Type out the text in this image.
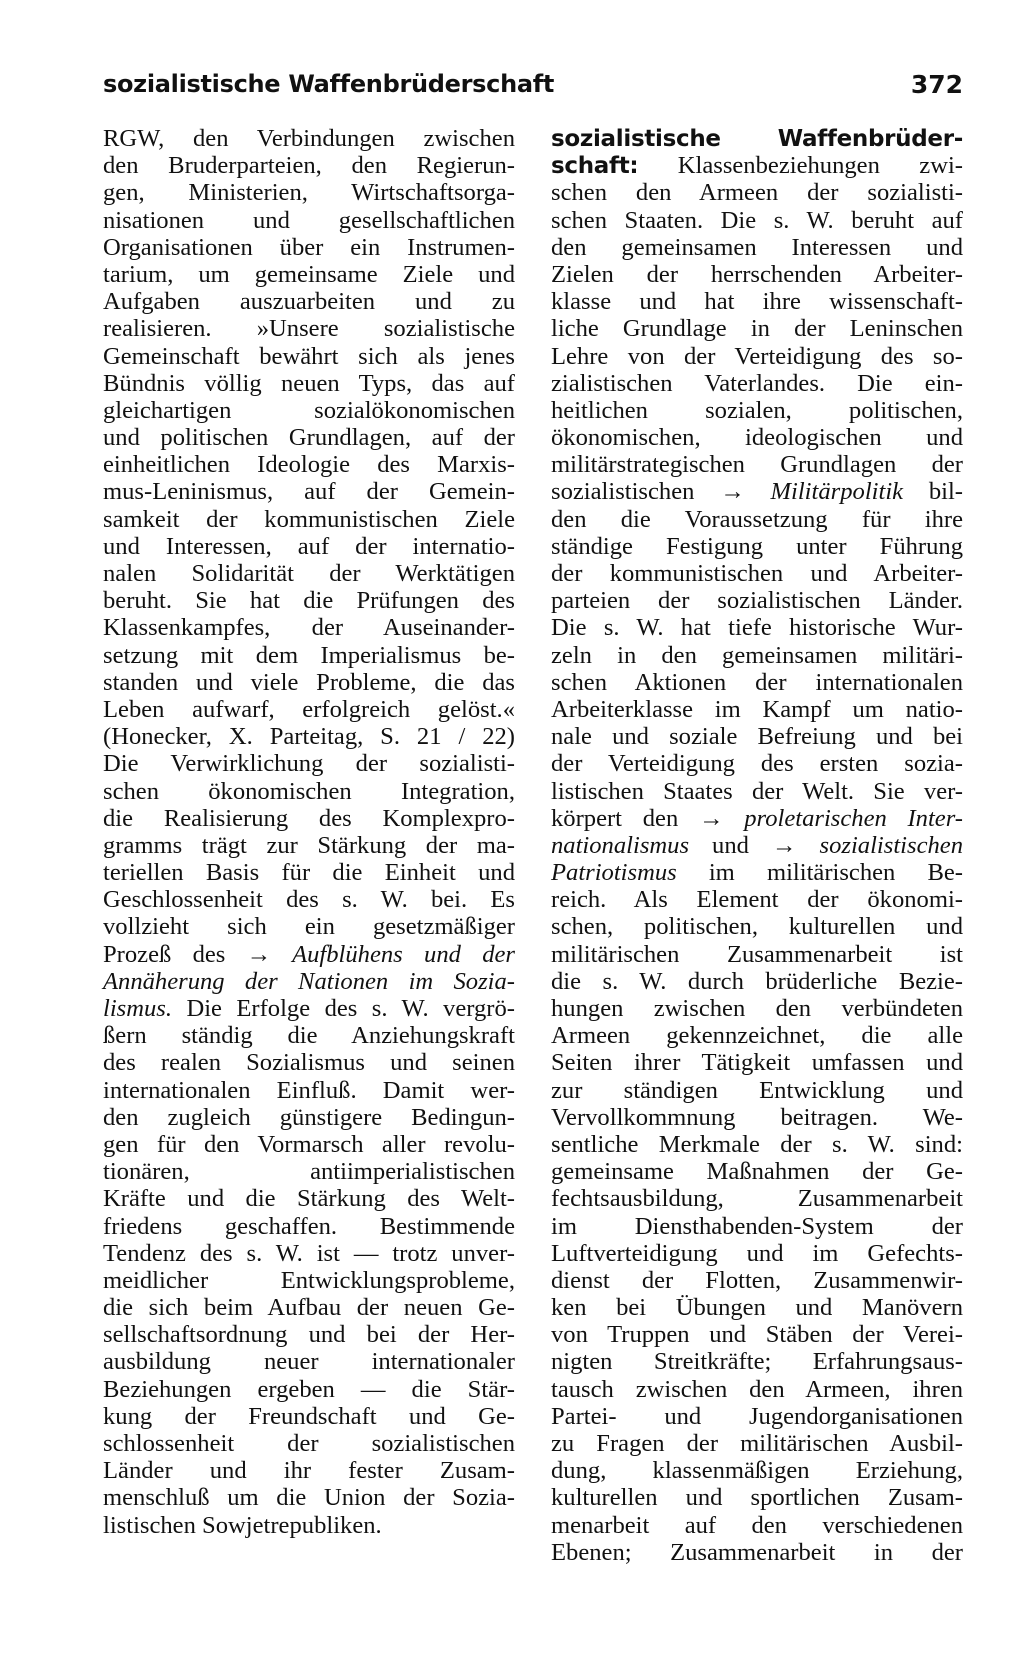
sozialistische Waffenbrüderschaft	372
RGW, den Verbindungen zwischen
den Bruderparteien, den Regierun-
gen, Ministerien, Wirtschaftsorga-
nisationen und gesellschaftlichen
Organisationen über ein Instrumen-
tarium, um gemeinsame Ziele und
Aufgaben auszuarbeiten und zu
realisieren. »Unsere sozialistische
Gemeinschaft bewährt sich als jenes
Bündnis völlig neuen Typs, das auf
gleichartigen sozialökonomischen
und politischen Grundlagen, auf der
einheitlichen Ideologie des Marxis-
mus-Leninismus, auf der Gemein-
samkeit der kommunistischen Ziele
und Interessen, auf der internatio-
nalen Solidarität der Werktätigen
beruht. Sie hat die Prüfungen des
Klassenkampfes, der Auseinander-
setzung mit dem Imperialismus be-
standen und viele Probleme, die das
Leben aufwarf, erfolgreich gelöst.«
(Honecker, X. Parteitag, S. 21 / 22)
Die Verwirklichung der sozialisti-
schen ökonomischen Integration,
die Realisierung des Komplexpro-
gramms trägt zur Stärkung der ma-
teriellen Basis für die Einheit und
Geschlossenheit des s. W. bei. Es
vollzieht sich ein gesetzmäßiger
Prozeß des → Aufblühens und der
Annäherung der Nationen im Sozia-
lismus. Die Erfolge des s. W. vergrö-
ßern ständig die Anziehungskraft
des realen Sozialismus und seinen
internationalen Einfluß. Damit wer-
den zugleich günstigere Bedingun-
gen für den Vormarsch aller revolu-
tionären, antiimperialistischen
Kräfte und die Stärkung des Welt-
friedens geschaffen. Bestimmende
Tendenz des s. W. ist — trotz unver-
meidlicher Entwicklungsprobleme,
die sich beim Aufbau der neuen Ge-
sellschaftsordnung und bei der Her-
ausbildung neuer internationaler
Beziehungen ergeben — die Stär-
kung der Freundschaft und Ge-
schlossenheit der sozialistischen
Länder und ihr fester Zusam-
menschluß um die Union der Sozia-
listischen Sowjetrepubliken.
sozialistische Waffenbrüder-
schaft: Klassenbeziehungen zwi-
schen den Armeen der sozialisti-
schen Staaten. Die s. W. beruht auf
den gemeinsamen Interessen und
Zielen der herrschenden Arbeiter-
klasse und hat ihre wissenschaft-
liche Grundlage in der Leninschen
Lehre von der Verteidigung des so-
zialistischen Vaterlandes. Die ein-
heitlichen sozialen, politischen,
ökonomischen, ideologischen und
militärstrategischen Grundlagen der
sozialistischen → Militärpolitik bil-
den die Voraussetzung für ihre
ständige Festigung unter Führung
der kommunistischen und Arbeiter-
parteien der sozialistischen Länder.
Die s. W. hat tiefe historische Wur-
zeln in den gemeinsamen militäri-
schen Aktionen der internationalen
Arbeiterklasse im Kampf um natio-
nale und soziale Befreiung und bei
der Verteidigung des ersten sozia-
listischen Staates der Welt. Sie ver-
körpert den → proletarischen Inter-
nationalismus und → sozialistischen
Patriotismus im militärischen Be-
reich. Als Element der ökonomi-
schen, politischen, kulturellen und
militärischen Zusammenarbeit ist
die s. W. durch brüderliche Bezie-
hungen zwischen den verbündeten
Armeen gekennzeichnet, die alle
Seiten ihrer Tätigkeit umfassen und
zur ständigen Entwicklung und
Vervollkommnung beitragen. We-
sentliche Merkmale der s. W. sind:
gemeinsame Maßnahmen der Ge-
fechtsausbildung, Zusammenarbeit
im Diensthabenden-System der
Luftverteidigung und im Gefechts-
dienst der Flotten, Zusammenwir-
ken bei Übungen und Manövern
von Truppen und Stäben der Verei-
nigten Streitkräfte; Erfahrungsaus-
tausch zwischen den Armeen, ihren
Partei- und Jugendorganisationen
zu Fragen der militärischen Ausbil-
dung, klassenmäßigen Erziehung,
kulturellen und sportlichen Zusam-
menarbeit auf den verschiedenen
Ebenen; Zusammenarbeit in der
